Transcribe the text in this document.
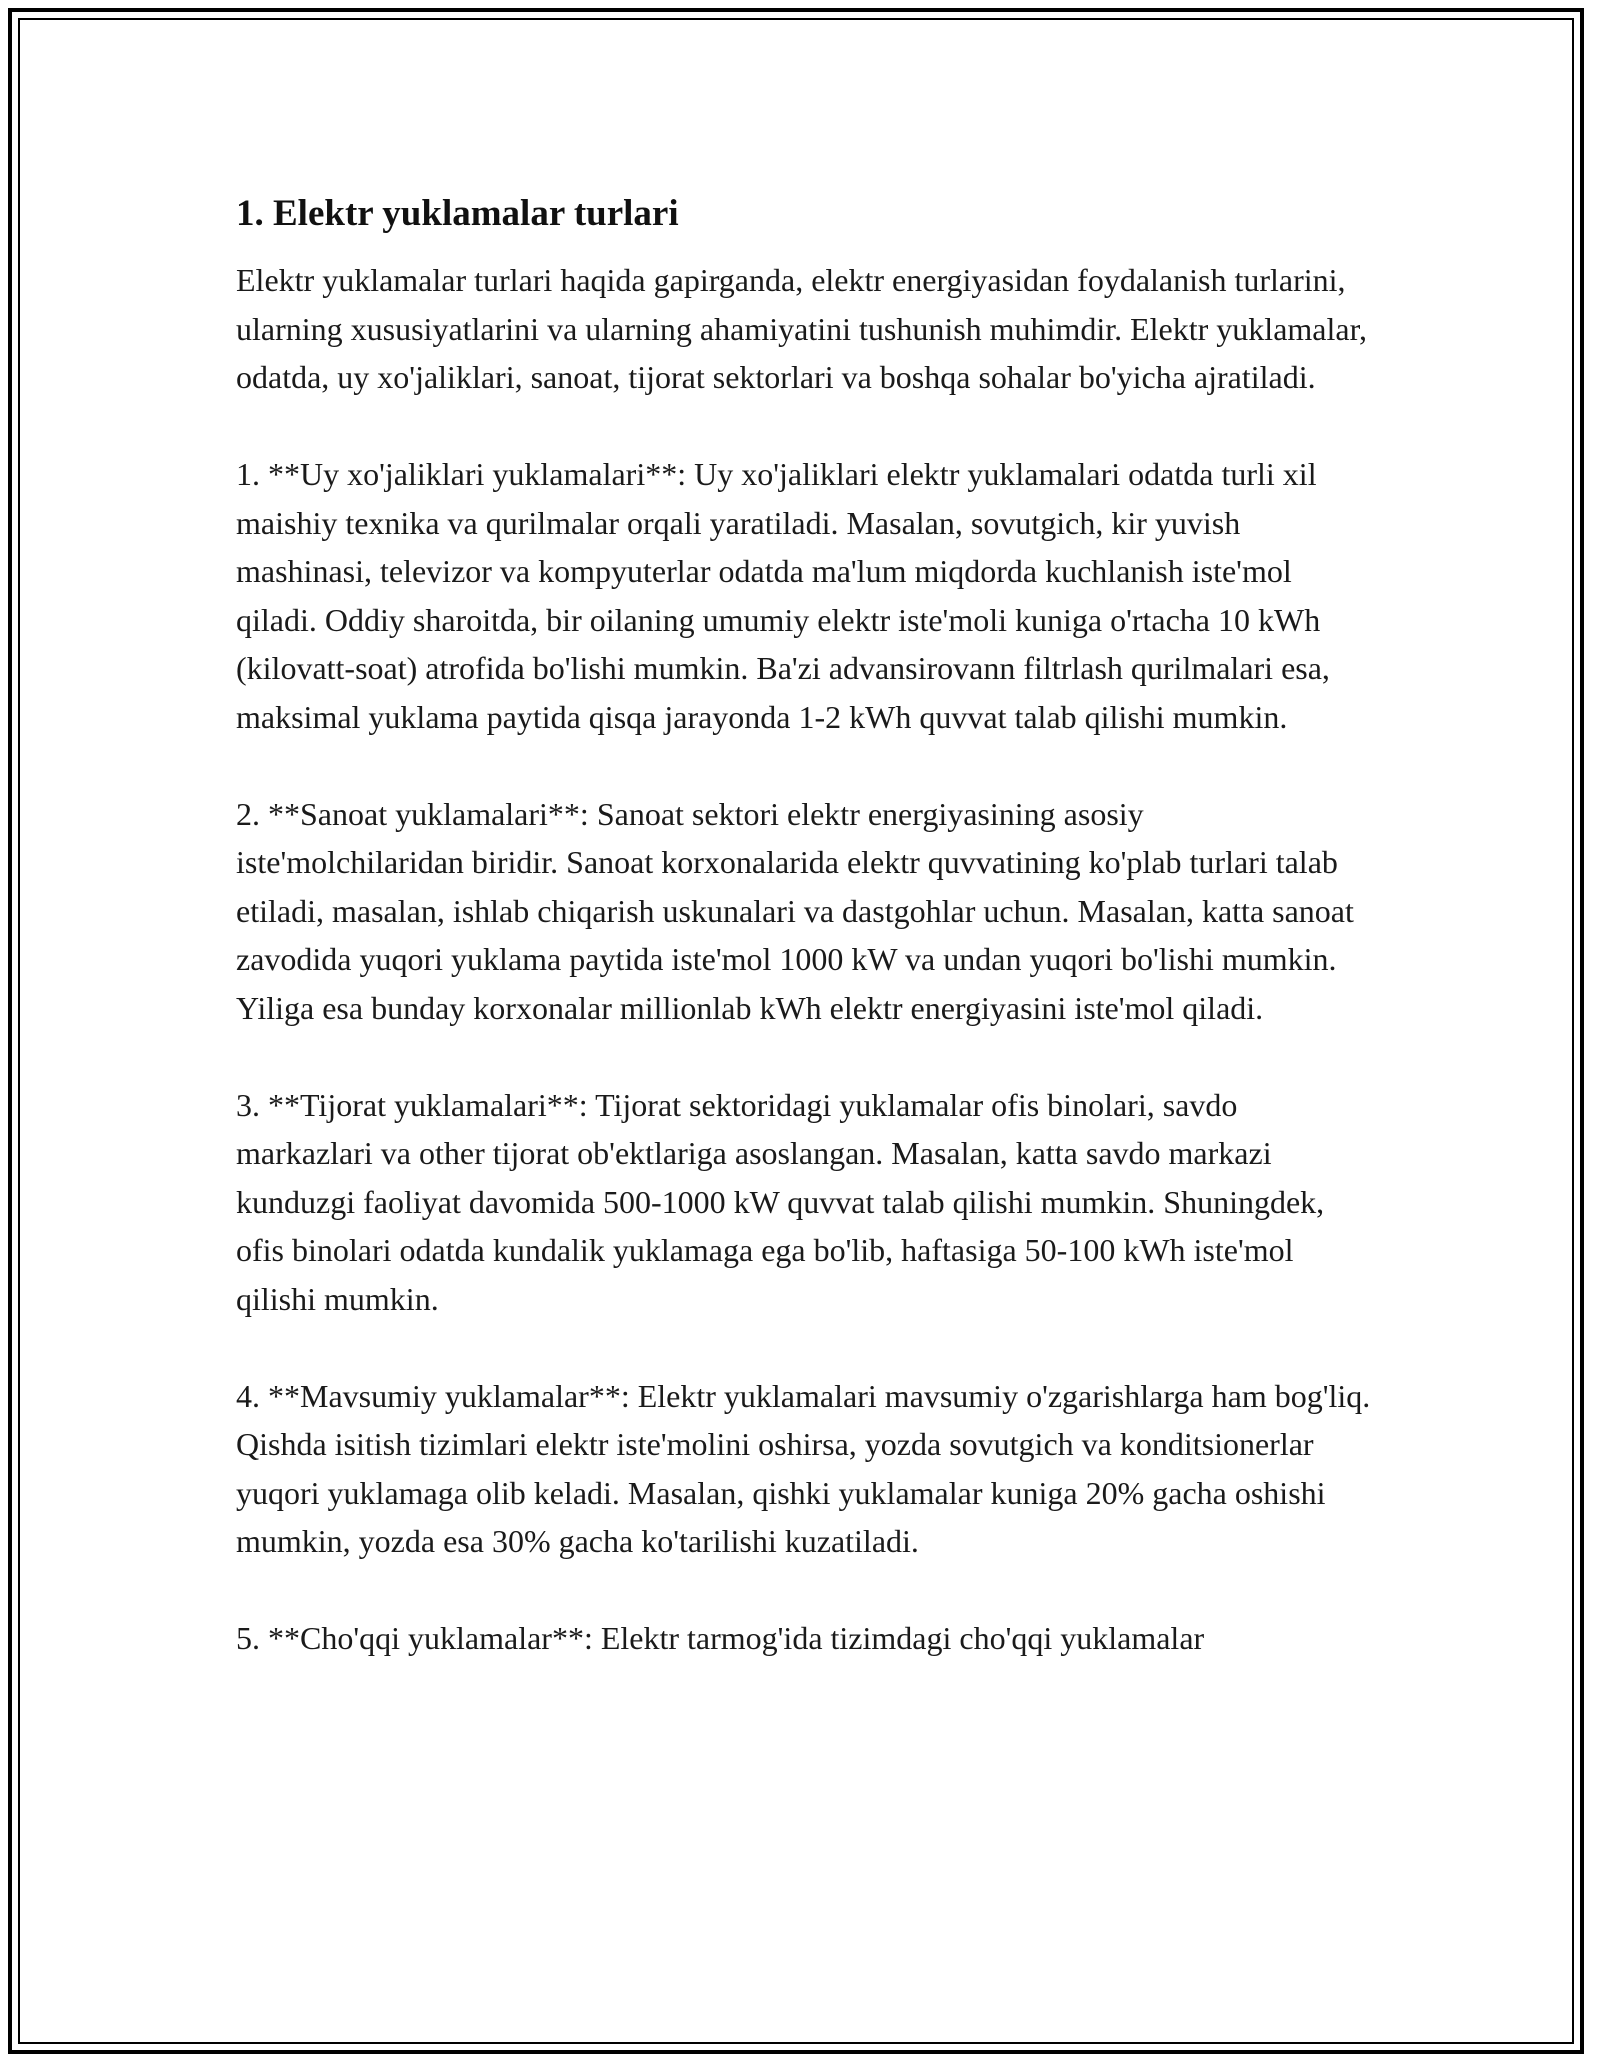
1. Elektr yuklamalar turlari

Elektr yuklamalar turlari haqida gapirganda, elektr energiyasidan foydalanish turlarini, ularning xususiyatlarini va ularning ahamiyatini tushunish muhimdir. Elektr yuklamalar, odatda, uy xo'jaliklari, sanoat, tijorat sektorlari va boshqa sohalar bo'yicha ajratiladi.

1. **Uy xo'jaliklari yuklamalari**: Uy xo'jaliklari elektr yuklamalari odatda turli xil maishiy texnika va qurilmalar orqali yaratiladi. Masalan, sovutgich, kir yuvish mashinasi, televizor va kompyuterlar odatda ma'lum miqdorda kuchlanish iste'mol qiladi. Oddiy sharoitda, bir oilaning umumiy elektr iste'moli kuniga o'rtacha 10 kWh (kilovatt-soat) atrofida bo'lishi mumkin. Ba'zi advansirovann filtrlash qurilmalari esa, maksimal yuklama paytida qisqa jarayonda 1-2 kWh quvvat talab qilishi mumkin.

2. **Sanoat yuklamalari**: Sanoat sektori elektr energiyasining asosiy iste'molchilaridan biridir. Sanoat korxonalarida elektr quvvatining ko'plab turlari talab etiladi, masalan, ishlab chiqarish uskunalari va dastgohlar uchun. Masalan, katta sanoat zavodida yuqori yuklama paytida iste'mol 1000 kW va undan yuqori bo'lishi mumkin. Yiliga esa bunday korxonalar millionlab kWh elektr energiyasini iste'mol qiladi.

3. **Tijorat yuklamalari**: Tijorat sektoridagi yuklamalar ofis binolari, savdo markazlari va other tijorat ob'ektlariga asoslangan. Masalan, katta savdo markazi kunduzgi faoliyat davomida 500-1000 kW quvvat talab qilishi mumkin. Shuningdek, ofis binolari odatda kundalik yuklamaga ega bo'lib, haftasiga 50-100 kWh iste'mol qilishi mumkin.

4. **Mavsumiy yuklamalar**: Elektr yuklamalari mavsumiy o'zgarishlarga ham bog'liq. Qishda isitish tizimlari elektr iste'molini oshirsa, yozda sovutgich va konditsionerlar yuqori yuklamaga olib keladi. Masalan, qishki yuklamalar kuniga 20% gacha oshishi mumkin, yozda esa 30% gacha ko'tarilishi kuzatiladi.

5. **Cho'qqi yuklamalar**: Elektr tarmog'ida tizimdagi cho'qqi yuklamalar
